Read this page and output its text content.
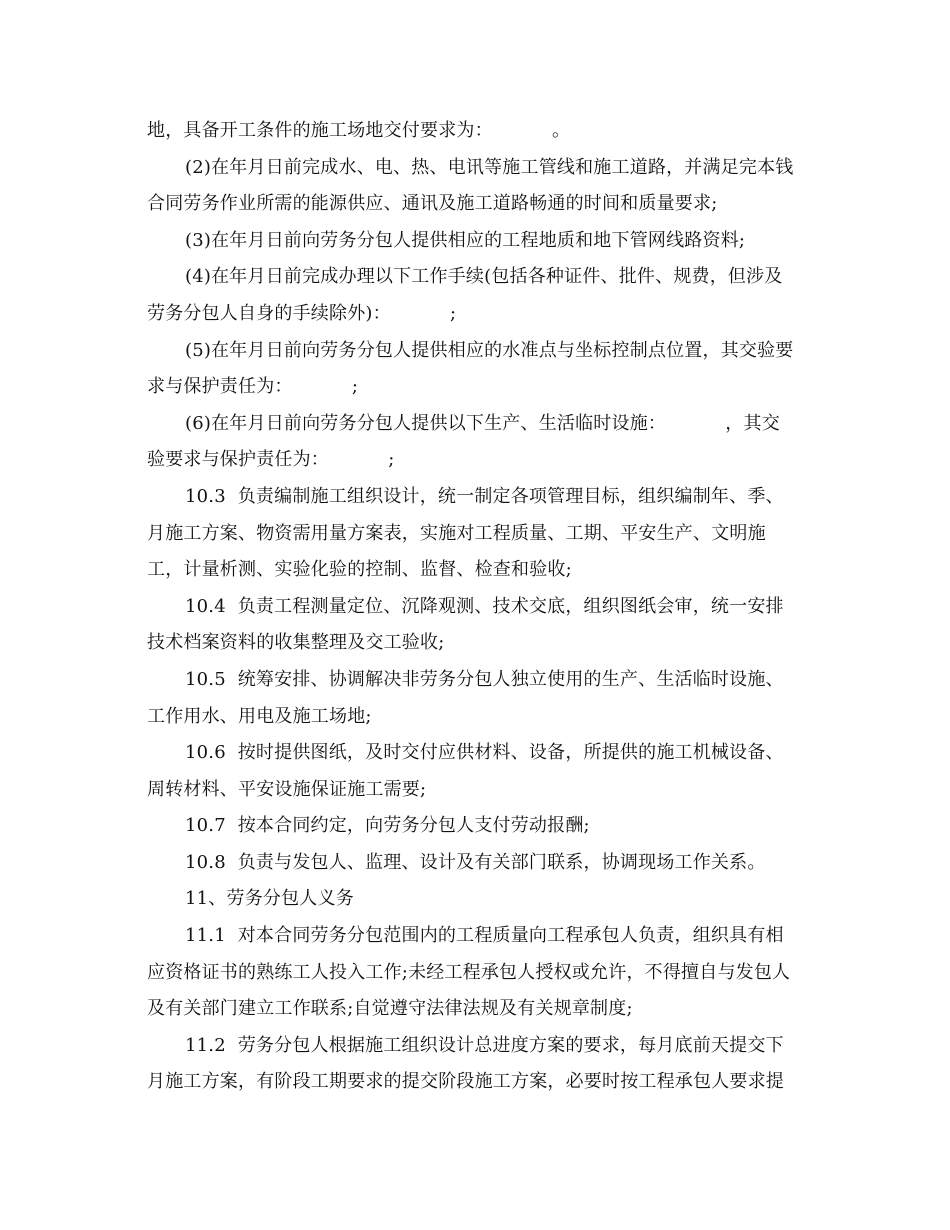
地，具备开工条件的施工场地交付要求为：          。
(2)在年月日前完成水、电、热、电讯等施工管线和施工道路，并满足完本钱
合同劳务作业所需的能源供应、通讯及施工道路畅通的时间和质量要求;
(3)在年月日前向劳务分包人提供相应的工程地质和地下管网线路资料;
(4)在年月日前完成办理以下工作手续(包括各种证件、批件、规费，但涉及
劳务分包人自身的手续除外)：          ;
(5)在年月日前向劳务分包人提供相应的水准点与坐标控制点位置，其交验要
求与保护责任为：          ;
(6)在年月日前向劳务分包人提供以下生产、生活临时设施：          ，其交
验要求与保护责任为：          ;
10.3  负责编制施工组织设计，统一制定各项管理目标，组织编制年、季、
月施工方案、物资需用量方案表，实施对工程质量、工期、平安生产、文明施
工，计量析测、实验化验的控制、监督、检查和验收;
10.4  负责工程测量定位、沉降观测、技术交底，组织图纸会审，统一安排
技术档案资料的收集整理及交工验收;
10.5  统筹安排、协调解决非劳务分包人独立使用的生产、生活临时设施、
工作用水、用电及施工场地;
10.6  按时提供图纸，及时交付应供材料、设备，所提供的施工机械设备、
周转材料、平安设施保证施工需要;
10.7  按本合同约定，向劳务分包人支付劳动报酬;
10.8  负责与发包人、监理、设计及有关部门联系，协调现场工作关系。
11、劳务分包人义务
11.1  对本合同劳务分包范围内的工程质量向工程承包人负责，组织具有相
应资格证书的熟练工人投入工作;未经工程承包人授权或允许，不得擅自与发包人
及有关部门建立工作联系;自觉遵守法律法规及有关规章制度;
11.2  劳务分包人根据施工组织设计总进度方案的要求，每月底前天提交下
月施工方案，有阶段工期要求的提交阶段施工方案，必要时按工程承包人要求提
